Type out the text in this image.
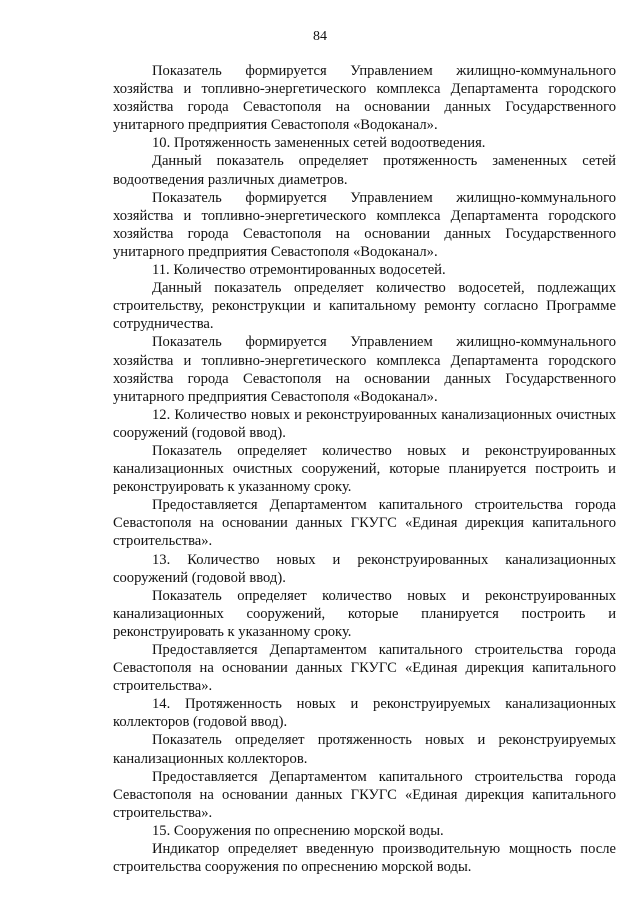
84

Показатель формируется Управлением жилищно-коммунального хозяйства и топливно-энергетического комплекса Департамента городского хозяйства города Севастополя на основании данных Государственного унитарного предприятия Севастополя «Водоканал».

10. Протяженность замененных сетей водоотведения.

Данный показатель определяет протяженность замененных сетей водоотведения различных диаметров.

Показатель формируется Управлением жилищно-коммунального хозяйства и топливно-энергетического комплекса Департамента городского хозяйства города Севастополя на основании данных Государственного унитарного предприятия Севастополя «Водоканал».

11. Количество отремонтированных водосетей.

Данный показатель определяет количество водосетей, подлежащих строительству, реконструкции и капитальному ремонту согласно Программе сотрудничества.

Показатель формируется Управлением жилищно-коммунального хозяйства и топливно-энергетического комплекса Департамента городского хозяйства города Севастополя на основании данных Государственного унитарного предприятия Севастополя «Водоканал».

12. Количество новых и реконструированных канализационных очистных сооружений (годовой ввод).

Показатель определяет количество новых и реконструированных канализационных очистных сооружений, которые планируется построить и реконструировать к указанному сроку.

Предоставляется Департаментом капитального строительства города Севастополя на основании данных ГКУГС «Единая дирекция капитального строительства».

13. Количество новых и реконструированных канализационных сооружений (годовой ввод).

Показатель определяет количество новых и реконструированных канализационных сооружений, которые планируется построить и реконструировать к указанному сроку.

Предоставляется Департаментом капитального строительства города Севастополя на основании данных ГКУГС «Единая дирекция капитального строительства».

14. Протяженность новых и реконструируемых канализационных коллекторов (годовой ввод).

Показатель определяет протяженность новых и реконструируемых канализационных коллекторов.

Предоставляется Департаментом капитального строительства города Севастополя на основании данных ГКУГС «Единая дирекция капитального строительства».

15. Сооружения по опреснению морской воды.

Индикатор определяет введенную производительную мощность после строительства сооружения по опреснению морской воды.
